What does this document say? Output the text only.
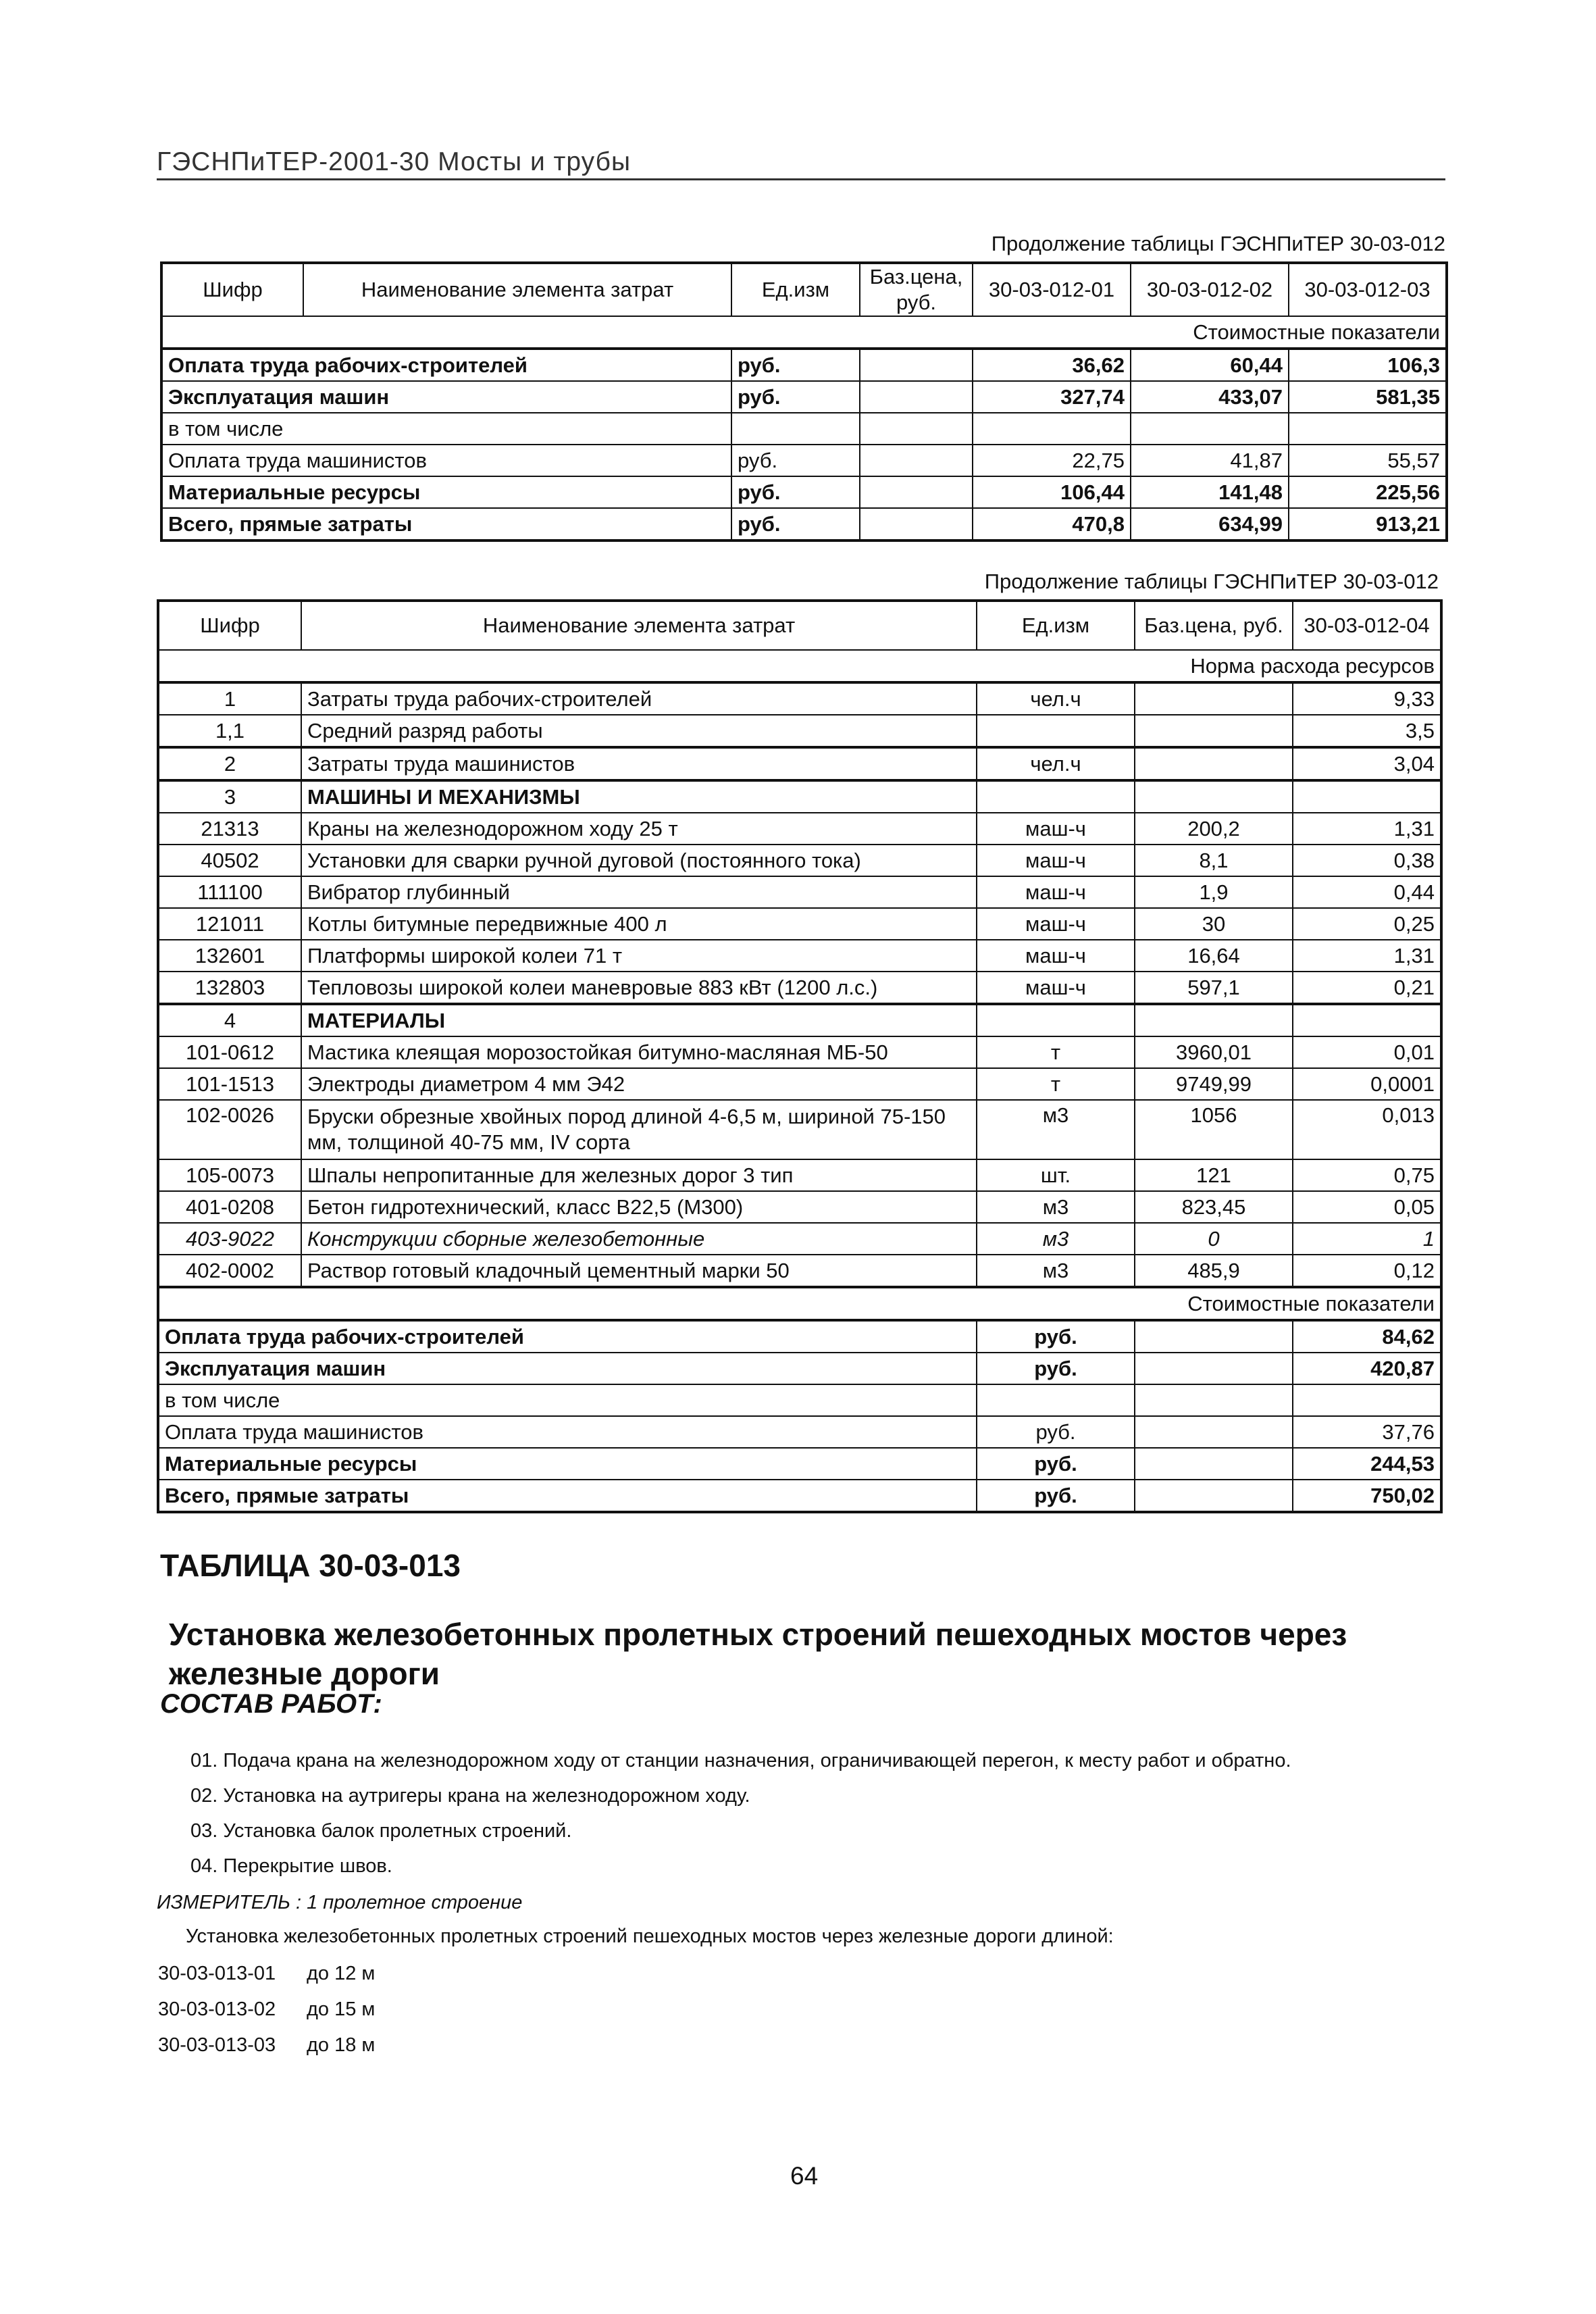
ГЭСНПиТЕР-2001-30 Мосты и трубы
Продолжение таблицы ГЭСНПиТЕР 30-03-012
Шифр	Наименование элемента затрат	Ед.изм	Баз.цена, руб.	30-03-012-01	30-03-012-02	30-03-012-03
Стоимостные показатели						
Оплата труда рабочих-строителей		руб.		36,62	60,44	106,3
Эксплуатация машин		руб.		327,74	433,07	581,35
в том числе						
Оплата труда машинистов		руб.		22,75	41,87	55,57
Материальные ресурсы		руб.		106,44	141,48	225,56
Всего, прямые затраты		руб.		470,8	634,99	913,21
Продолжение таблицы ГЭСНПиТЕР 30-03-012
Шифр	Наименование элемента затрат	Ед.изм	Баз.цена, руб.	30-03-012-04
Норма расхода ресурсов				
1	Затраты труда рабочих-строителей	чел.ч		9,33
1,1	Средний разряд работы			3,5
2	Затраты труда машинистов	чел.ч		3,04
3	МАШИНЫ И МЕХАНИЗМЫ			
21313	Краны на железнодорожном ходу 25 т	маш-ч	200,2	1,31
40502	Установки для сварки ручной дуговой (постоянного тока)	маш-ч	8,1	0,38
111100	Вибратор глубинный	маш-ч	1,9	0,44
121011	Котлы битумные передвижные 400 л	маш-ч	30	0,25
132601	Платформы широкой колеи 71 т	маш-ч	16,64	1,31
132803	Тепловозы широкой колеи маневровые 883 кВт (1200 л.с.)	маш-ч	597,1	0,21
4	МАТЕРИАЛЫ			
101-0612	Мастика клеящая морозостойкая битумно-масляная МБ-50	т	3960,01	0,01
101-1513	Электроды диаметром 4 мм Э42	т	9749,99	0,0001
102-0026	Бруски обрезные хвойных пород длиной 4-6,5 м, шириной 75-150 мм, толщиной 40-75 мм, IV сорта	м3	1056	0,013
105-0073	Шпалы непропитанные для железных дорог 3 тип	шт.	121	0,75
401-0208	Бетон гидротехнический, класс В22,5 (М300)	м3	823,45	0,05
403-9022	Конструкции сборные железобетонные	м3	0	1
402-0002	Раствор готовый кладочный цементный марки 50	м3	485,9	0,12
Стоимостные показатели				
Оплата труда рабочих-строителей		руб.		84,62
Эксплуатация машин		руб.		420,87
в том числе				
Оплата труда машинистов		руб.		37,76
Материальные ресурсы		руб.		244,53
Всего, прямые затраты		руб.		750,02
ТАБЛИЦА 30-03-013
Установка железобетонных пролетных строений пешеходных мостов через железные дороги
СОСТАВ РАБОТ:
01. Подача крана на железнодорожном ходу от станции назначения, ограничивающей перегон, к месту работ и обратно.
02. Установка на аутригеры крана на железнодорожном ходу.
03. Установка балок пролетных строений.
04. Перекрытие швов.
ИЗМЕРИТЕЛЬ : 1 пролетное строение
Установка железобетонных пролетных строений пешеходных мостов через железные дороги длиной:
30-03-013-01 до 12 м
30-03-013-02 до 15 м
30-03-013-03 до 18 м
64
